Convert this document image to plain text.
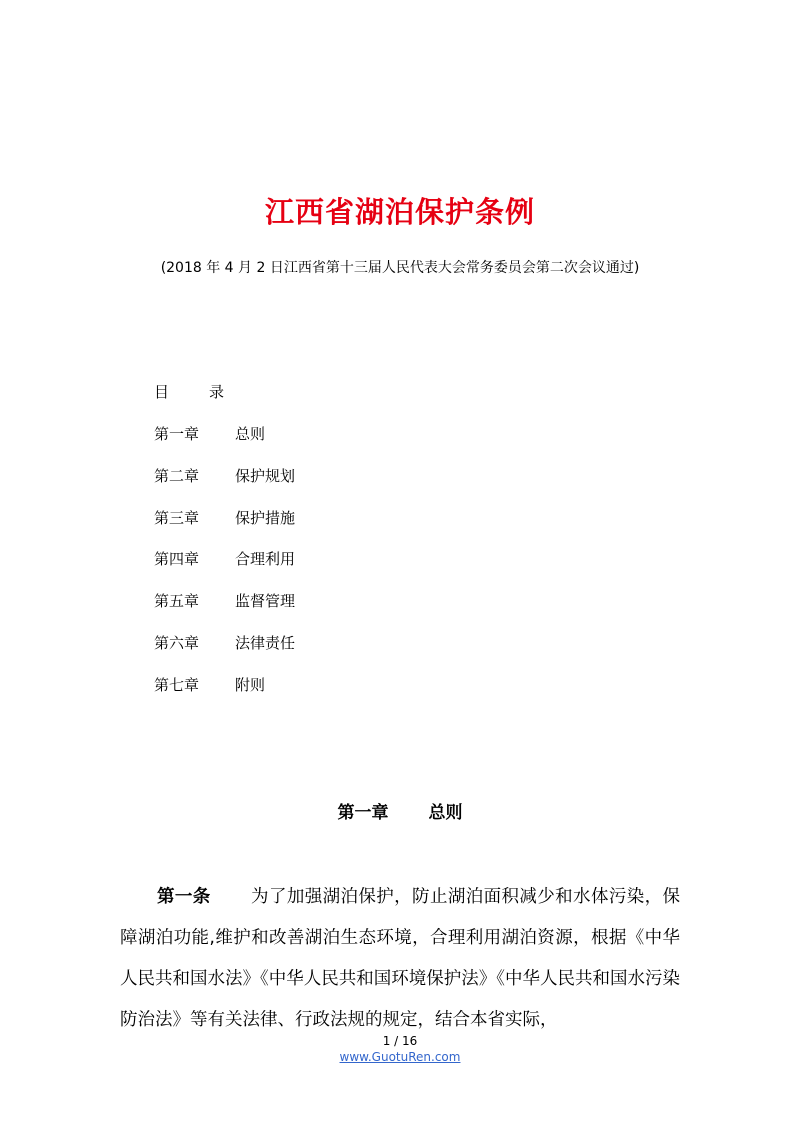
江西省湖泊保护条例
(2018 年 4 月 2 日江西省第十三届人民代表大会常务委员会第二次会议通过)
目	录
第一章	总则
第二章	保护规划
第三章	保护措施
第四章	合理利用
第五章	监督管理
第六章	法律责任
第七章	附则
第一章 总则

第一条 为了加强湖泊保护，防止湖泊面积减少和水体污染，保障湖泊功能,维护和改善湖泊生态环境，合理利用湖泊资源，根据《中华人民共和国水法》《中华人民共和国环境保护法》《中华人民共和国水污染防治法》等有关法律、行政法规的规定，结合本省实际，

1 / 16
www.GuotuRen.com
